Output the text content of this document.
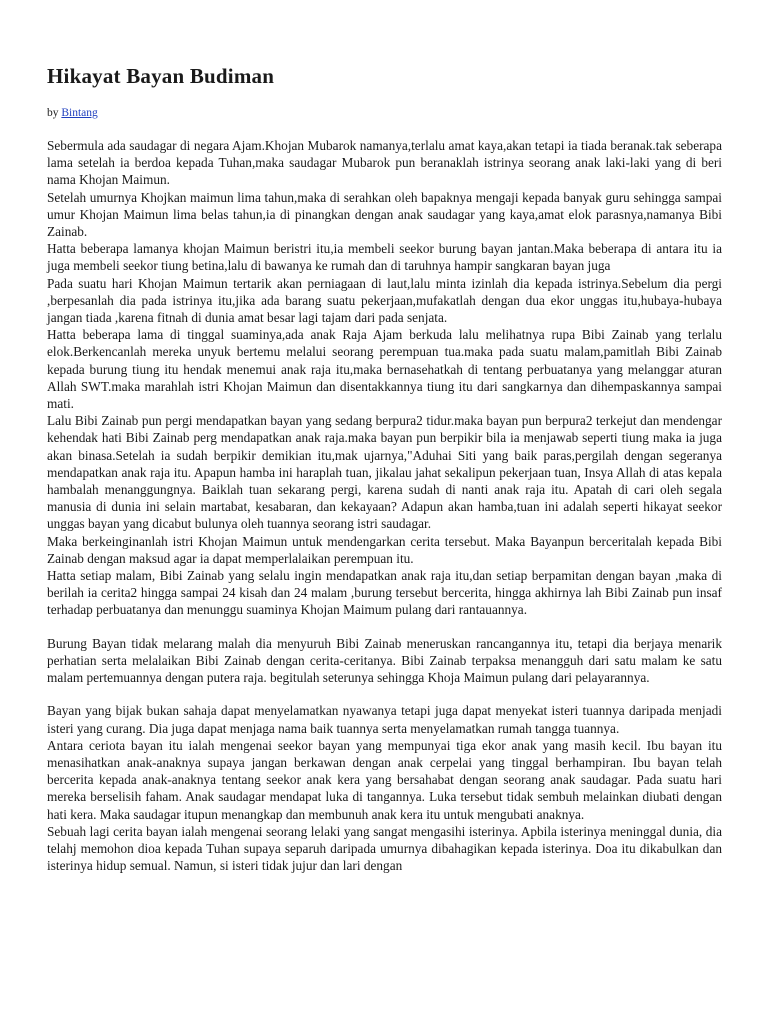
Hikayat Bayan Budiman
by Bintang

Sebermula ada saudagar di negara Ajam.Khojan Mubarok namanya,terlalu amat kaya,akan tetapi ia tiada beranak.tak seberapa lama setelah ia berdoa kepada Tuhan,maka saudagar Mubarok pun beranaklah istrinya seorang anak laki-laki yang di beri nama Khojan Maimun.
Setelah umurnya Khojkan maimun lima tahun,maka di serahkan oleh bapaknya mengaji kepada banyak guru sehingga sampai umur Khojan Maimun lima belas tahun,ia di pinangkan dengan anak saudagar yang kaya,amat elok parasnya,namanya Bibi Zainab.
Hatta beberapa lamanya khojan Maimun beristri itu,ia membeli seekor burung bayan jantan.Maka beberapa di antara itu ia juga membeli seekor tiung betina,lalu di bawanya ke rumah dan di taruhnya hampir sangkaran bayan juga
Pada suatu hari Khojan Maimun tertarik akan perniagaan di laut,lalu minta izinlah dia kepada istrinya.Sebelum dia pergi ,berpesanlah dia pada istrinya itu,jika ada barang suatu pekerjaan,mufakatlah dengan dua ekor unggas itu,hubaya-hubaya jangan tiada ,karena fitnah di dunia amat besar lagi tajam dari pada senjata.
Hatta beberapa lama di tinggal suaminya,ada anak Raja Ajam berkuda lalu melihatnya rupa Bibi Zainab yang terlalu elok.Berkencanlah mereka unyuk bertemu melalui seorang perempuan tua.maka pada suatu malam,pamitlah Bibi Zainab kepada burung tiung itu hendak menemui anak raja itu,maka bernasehatkah di tentang perbuatanya yang melanggar aturan Allah SWT.maka marahlah istri Khojan Maimun dan disentakkannya tiung itu dari sangkarnya dan dihempaskannya sampai mati.
Lalu Bibi Zainab pun pergi mendapatkan bayan yang sedang berpura2 tidur.maka bayan pun berpura2 terkejut dan mendengar kehendak hati Bibi Zainab perg mendapatkan anak raja.maka bayan pun berpikir bila ia menjawab seperti tiung maka ia juga akan binasa.Setelah ia sudah berpikir demikian itu,mak ujarnya,"Aduhai Siti yang baik paras,pergilah dengan segeranya mendapatkan anak raja itu. Apapun hamba ini haraplah tuan, jikalau jahat sekalipun pekerjaan tuan, Insya Allah di atas kepala hambalah menanggungnya. Baiklah tuan sekarang pergi, karena sudah di nanti anak raja itu. Apatah di cari oleh segala manusia di dunia ini selain martabat, kesabaran, dan kekayaan? Adapun akan hamba,tuan ini adalah seperti hikayat seekor unggas bayan yang dicabut bulunya oleh tuannya seorang istri saudagar.
Maka berkeinginanlah istri Khojan Maimun untuk mendengarkan cerita tersebut. Maka Bayanpun berceritalah kepada Bibi Zainab dengan maksud agar ia dapat memperlalaikan perempuan itu.
Hatta setiap malam, Bibi Zainab yang selalu ingin mendapatkan anak raja itu,dan setiap berpamitan dengan bayan ,maka di berilah ia cerita2 hingga sampai 24 kisah dan 24 malam ,burung tersebut bercerita, hingga akhirnya lah Bibi Zainab pun insaf terhadap perbuatanya dan menunggu suaminya Khojan Maimum pulang dari rantauannya.

Burung Bayan tidak melarang malah dia menyuruh Bibi Zainab meneruskan rancangannya itu, tetapi dia berjaya menarik perhatian serta melalaikan Bibi Zainab dengan cerita-ceritanya. Bibi Zainab terpaksa menangguh dari satu malam ke satu malam pertemuannya dengan putera raja. begitulah seterunya sehingga Khoja Maimun pulang dari pelayarannya.

Bayan yang bijak bukan sahaja dapat menyelamatkan nyawanya tetapi juga dapat menyekat isteri tuannya daripada menjadi isteri yang curang. Dia juga dapat menjaga nama baik tuannya serta menyelamatkan rumah tangga tuannya.
Antara ceriota bayan itu ialah mengenai seekor bayan yang mempunyai tiga ekor anak yang masih kecil. Ibu bayan itu menasihatkan anak-anaknya supaya jangan berkawan dengan anak cerpelai yang tinggal berhampiran. Ibu bayan telah bercerita kepada anak-anaknya tentang seekor anak kera yang bersahabat dengan seorang anak saudagar. Pada suatu hari mereka berselisih faham. Anak saudagar mendapat luka di tangannya. Luka tersebut tidak sembuh melainkan diubati dengan hati kera. Maka saudagar itupun menangkap dan membunuh anak kera itu untuk mengubati anaknya.
Sebuah lagi cerita bayan ialah mengenai seorang lelaki yang sangat mengasihi isterinya. Apbila isterinya meninggal dunia, dia telahj memohon dioa kepada Tuhan supaya separuh daripada umurnya dibahagikan kepada isterinya. Doa itu dikabulkan dan isterinya hidup semual. Namun, si isteri tidak jujur dan lari dengan
